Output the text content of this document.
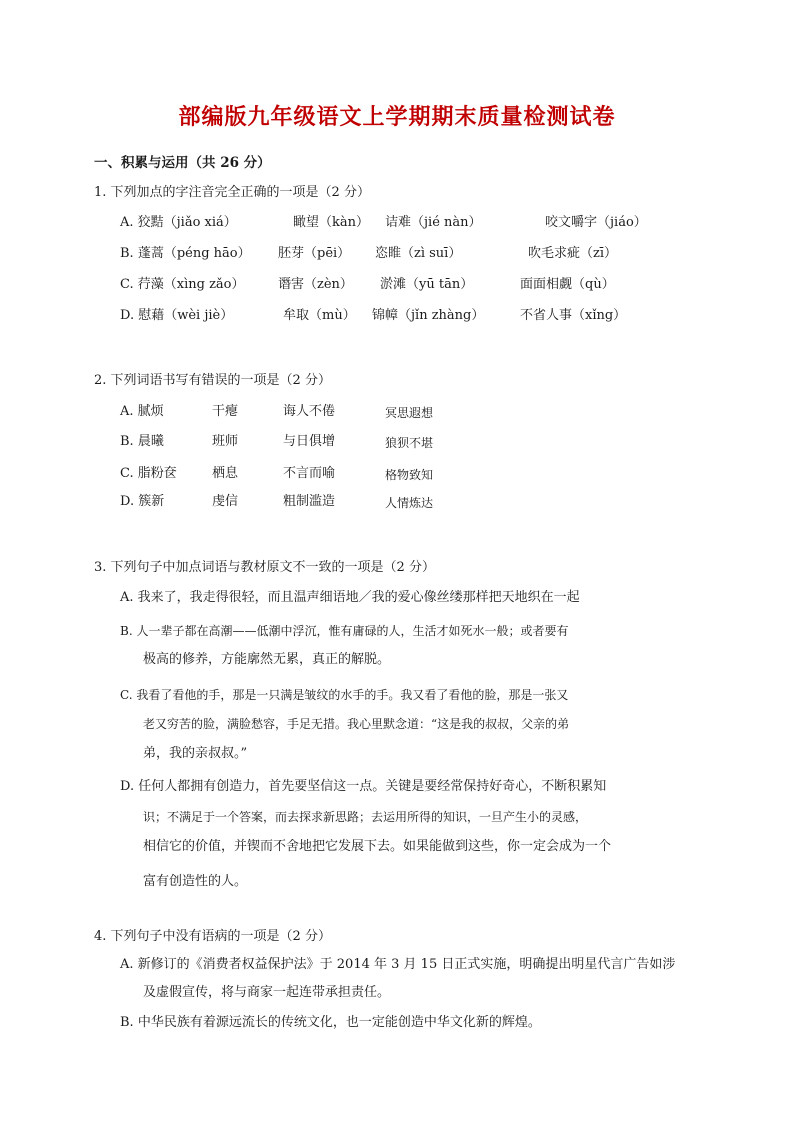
部编版九年级语文上学期期末质量检测试卷
一、积累与运用（共 26 分）
1. 下列加点的字注音完全正确的一项是（2 分）
A. 狡黠（jiǎo xiá）	瞰望（kàn） 诘难（jié nàn）	咬文嚼字（jiáo）
B. 蓬蒿（péng hāo） 胚芽（pēi） 恣睢（zì suī）	吹毛求疵（zī）
C. 荇藻（xìng zǎo）	谮害（zèn） 淤滩（yū tān）	面面相觑（qù）
D. 慰藉（wèi jiè）	牟取（mù） 锦幛（jǐn zhàng）	不省人事（xǐng）
2. 下列词语书写有错误的一项是（2 分）
A. 腻烦	干瘪	诲人不倦	冥思遐想
B. 晨曦	班师	与日俱增	狼狈不堪
C. 脂粉奁	栖息	不言而喻	格物致知
D. 簇新	虔信	粗制滥造	人情炼达
3. 下列句子中加点词语与教材原文不一致的一项是（2 分）
A. 我来了，我走得很轻，而且温声细语地／我的爱心像丝缕那样把天地织在一起
B. 人一辈子都在高潮——低潮中浮沉，惟有庸碌的人，生活才如死水一般；或者要有
极高的修养，方能廓然无累，真正的解脱。
C. 我看了看他的手，那是一只满是皱纹的水手的手。我又看了看他的脸，那是一张又
老又穷苦的脸，满脸愁容，手足无措。我心里默念道：“这是我的叔叔，父亲的弟
弟，我的亲叔叔。”
D. 任何人都拥有创造力，首先要坚信这一点。关键是要经常保持好奇心，不断积累知
识；不满足于一个答案，而去探求新思路；去运用所得的知识，一旦产生小的灵感，
相信它的价值，并锲而不舍地把它发展下去。如果能做到这些，你一定会成为一个
富有创造性的人。
4. 下列句子中没有语病的一项是（2 分）
A. 新修订的《消费者权益保护法》于 2014 年 3 月 15 日正式实施，明确提出明星代言广告如涉
及虚假宣传，将与商家一起连带承担责任。
B. 中华民族有着源远流长的传统文化，也一定能创造中华文化新的辉煌。
